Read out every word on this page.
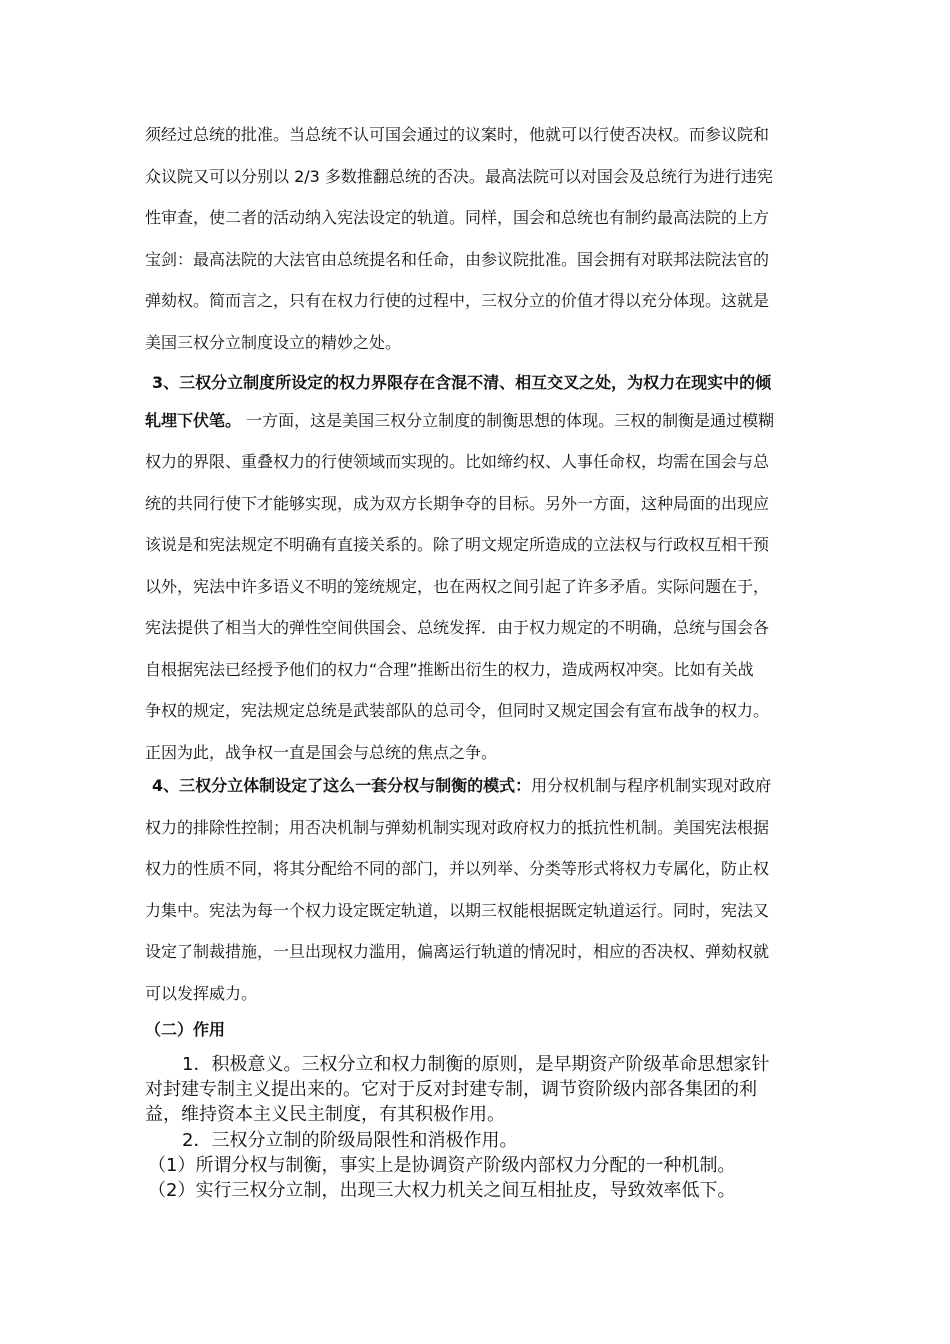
须经过总统的批准。当总统不认可国会通过的议案时，他就可以行使否决权。而参议院和
众议院又可以分别以 2/3 多数推翻总统的否决。最高法院可以对国会及总统行为进行违宪
性审查，使二者的活动纳入宪法设定的轨道。同样，国会和总统也有制约最高法院的上方
宝剑：最高法院的大法官由总统提名和任命，由参议院批准。国会拥有对联邦法院法官的
弹劾权。简而言之，只有在权力行使的过程中，三权分立的价值才得以充分体现。这就是
美国三权分立制度设立的精妙之处。
3、三权分立制度所设定的权力界限存在含混不清、相互交叉之处，为权力在现实中的倾
轧埋下伏笔。 一方面，这是美国三权分立制度的制衡思想的体现。三权的制衡是通过模糊
权力的界限、重叠权力的行使领域而实现的。比如缔约权、人事任命权，均需在国会与总
统的共同行使下才能够实现，成为双方长期争夺的目标。另外一方面，这种局面的出现应
该说是和宪法规定不明确有直接关系的。除了明文规定所造成的立法权与行政权互相干预
以外，宪法中许多语义不明的笼统规定，也在两权之间引起了许多矛盾。实际问题在于，
宪法提供了相当大的弹性空间供国会、总统发挥．由于权力规定的不明确，总统与国会各
自根据宪法已经授予他们的权力“合理”推断出衍生的权力，造成两权冲突。比如有关战
争权的规定，宪法规定总统是武装部队的总司令，但同时又规定国会有宣布战争的权力。
正因为此，战争权一直是国会与总统的焦点之争。
4、三权分立体制设定了这么一套分权与制衡的模式：用分权机制与程序机制实现对政府
权力的排除性控制；用否决机制与弹劾机制实现对政府权力的抵抗性机制。美国宪法根据
权力的性质不同，将其分配给不同的部门，并以列举、分类等形式将权力专属化，防止权
力集中。宪法为每一个权力设定既定轨道，以期三权能根据既定轨道运行。同时，宪法又
设定了制裁措施，一旦出现权力滥用，偏离运行轨道的情况时，相应的否决权、弹劾权就
可以发挥威力。
（二）作用
1．积极意义。三权分立和权力制衡的原则，是早期资产阶级革命思想家针
对封建专制主义提出来的。它对于反对封建专制，调节资阶级内部各集团的利
益，维持资本主义民主制度，有其积极作用。
2．三权分立制的阶级局限性和消极作用。
（1）所谓分权与制衡，事实上是协调资产阶级内部权力分配的一种机制。
（2）实行三权分立制，出现三大权力机关之间互相扯皮，导致效率低下。
